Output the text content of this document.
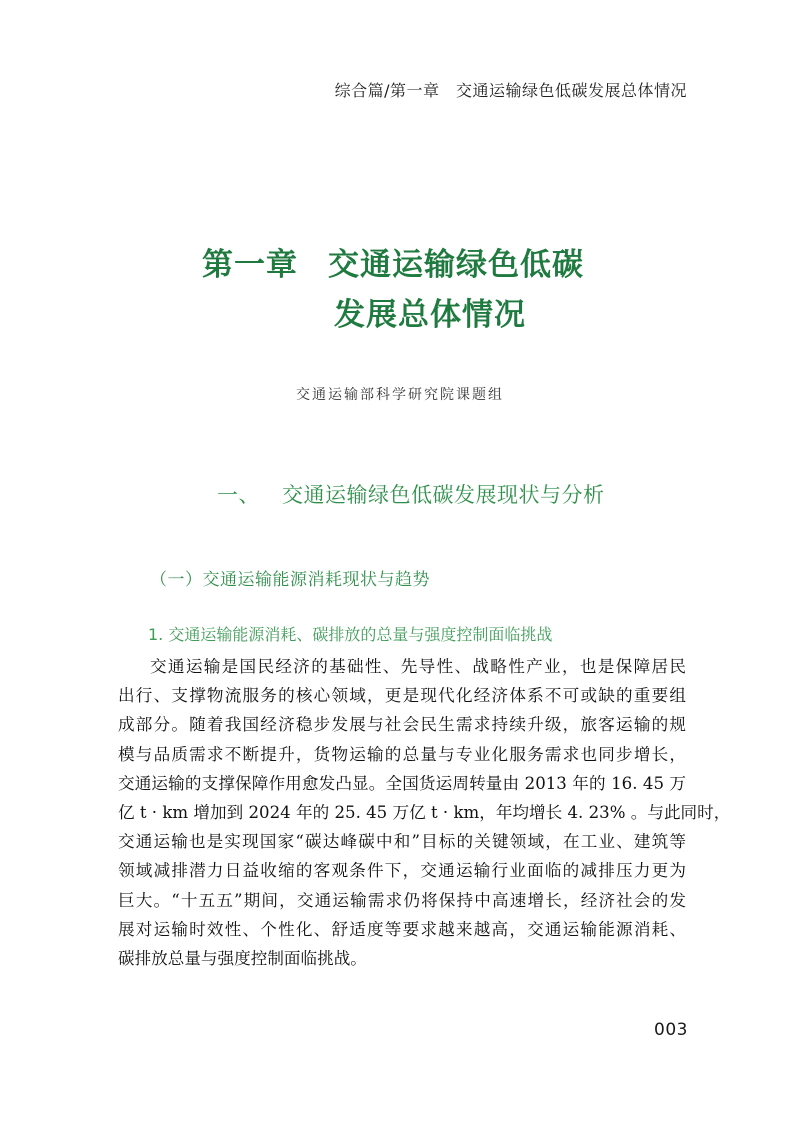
综合篇/第一章　交通运输绿色低碳发展总体情况
第一章 交通运输绿色低碳
发展总体情况
交通运输部科学研究院课题组
一、 交通运输绿色低碳发展现状与分析
（一）交通运输能源消耗现状与趋势
1. 交通运输能源消耗、碳排放的总量与强度控制面临挑战
交通运输是国民经济的基础性、先导性、战略性产业，也是保障居民
出行、支撑物流服务的核心领域，更是现代化经济体系不可或缺的重要组
成部分。随着我国经济稳步发展与社会民生需求持续升级，旅客运输的规
模与品质需求不断提升，货物运输的总量与专业化服务需求也同步增长，
交通运输的支撑保障作用愈发凸显。全国货运周转量由 2013 年的 16. 45 万
亿 t · km 增加到 2024 年的 25. 45 万亿 t · km，年均增长 4. 23% 。与此同时，
交通运输也是实现国家“碳达峰碳中和”目标的关键领域，在工业、建筑等
领域减排潜力日益收缩的客观条件下，交通运输行业面临的减排压力更为
巨大。“十五五”期间，交通运输需求仍将保持中高速增长，经济社会的发
展对运输时效性、个性化、舒适度等要求越来越高，交通运输能源消耗、
碳排放总量与强度控制面临挑战。
003
